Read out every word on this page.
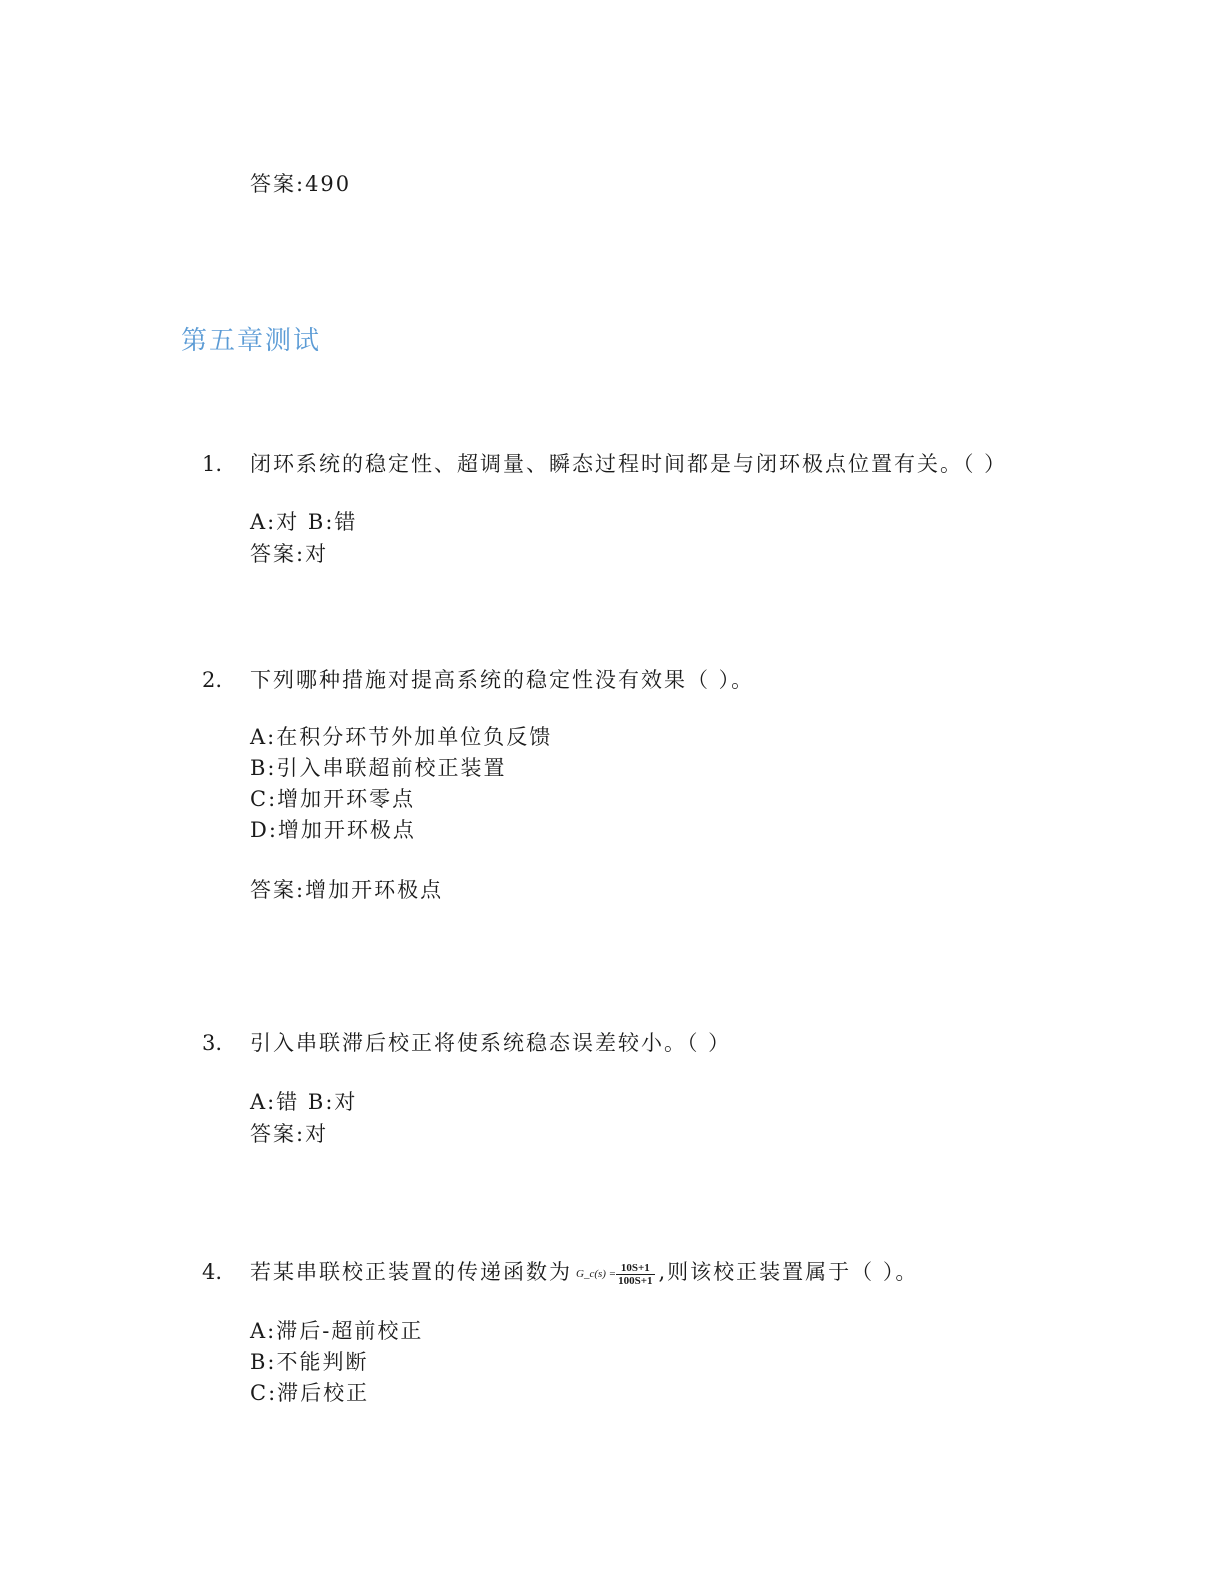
答案:490
第五章测试
1. 闭环系统的稳定性、超调量、瞬态过程时间都是与闭环极点位置有关。（ ）
A:对 B:错
答案:对
2. 下列哪种措施对提高系统的稳定性没有效果（ ）。
A:在积分环节外加单位负反馈
B:引入串联超前校正装置
C:增加开环零点
D:增加开环极点
答案:增加开环极点
3. 引入串联滞后校正将使系统稳态误差较小。（ ）
A:错 B:对
答案:对
4. 若某串联校正装置的传递函数为 G_c(s) = $\frac{10S+1}{100S+1}$ ,则该校正装置属于（ ）。
A:滞后-超前校正
B:不能判断
C:滞后校正
